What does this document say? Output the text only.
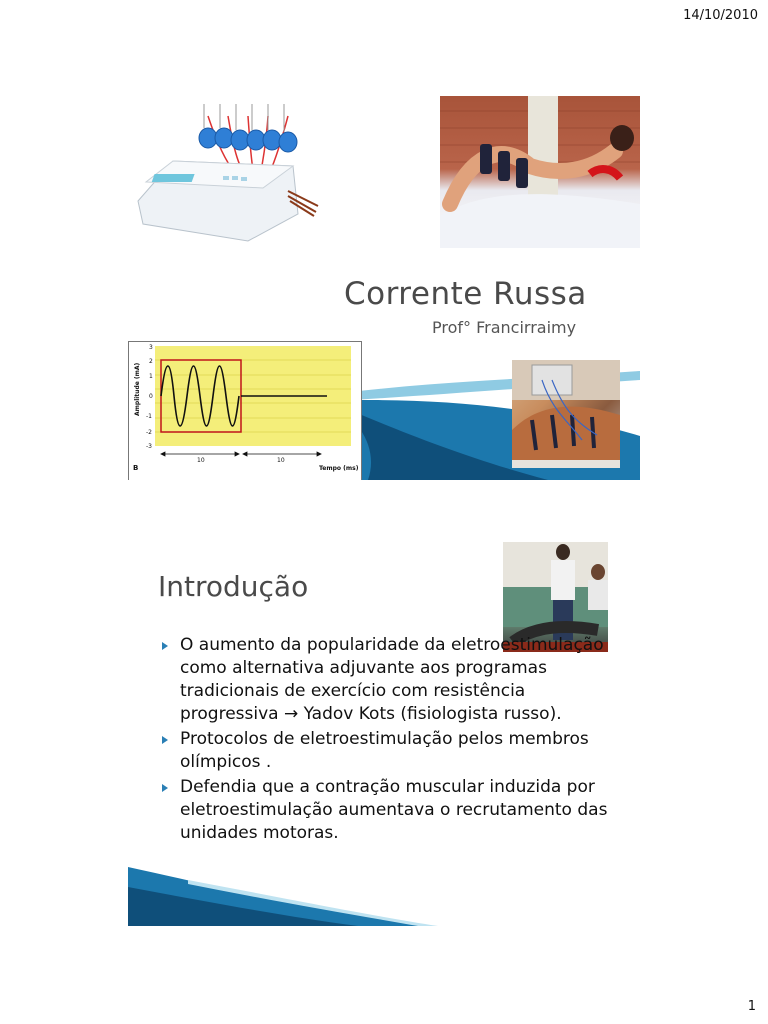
14/10/2010
Corrente Russa
Prof° Francirraimy
3
2
1
0
-1
-2
-3
Amplitude (mA)
10	10
B	Tempo (ms)
Introdução
O aumento da popularidade da eletroestimulação como alternativa adjuvante aos programas tradicionais de exercício com resistência progressiva → Yadov Kots (fisiologista russo).
Protocolos de eletroestimulação pelos membros olímpicos .
Defendia que a contração muscular induzida por eletroestimulação aumentava o recrutamento das unidades motoras.
1
